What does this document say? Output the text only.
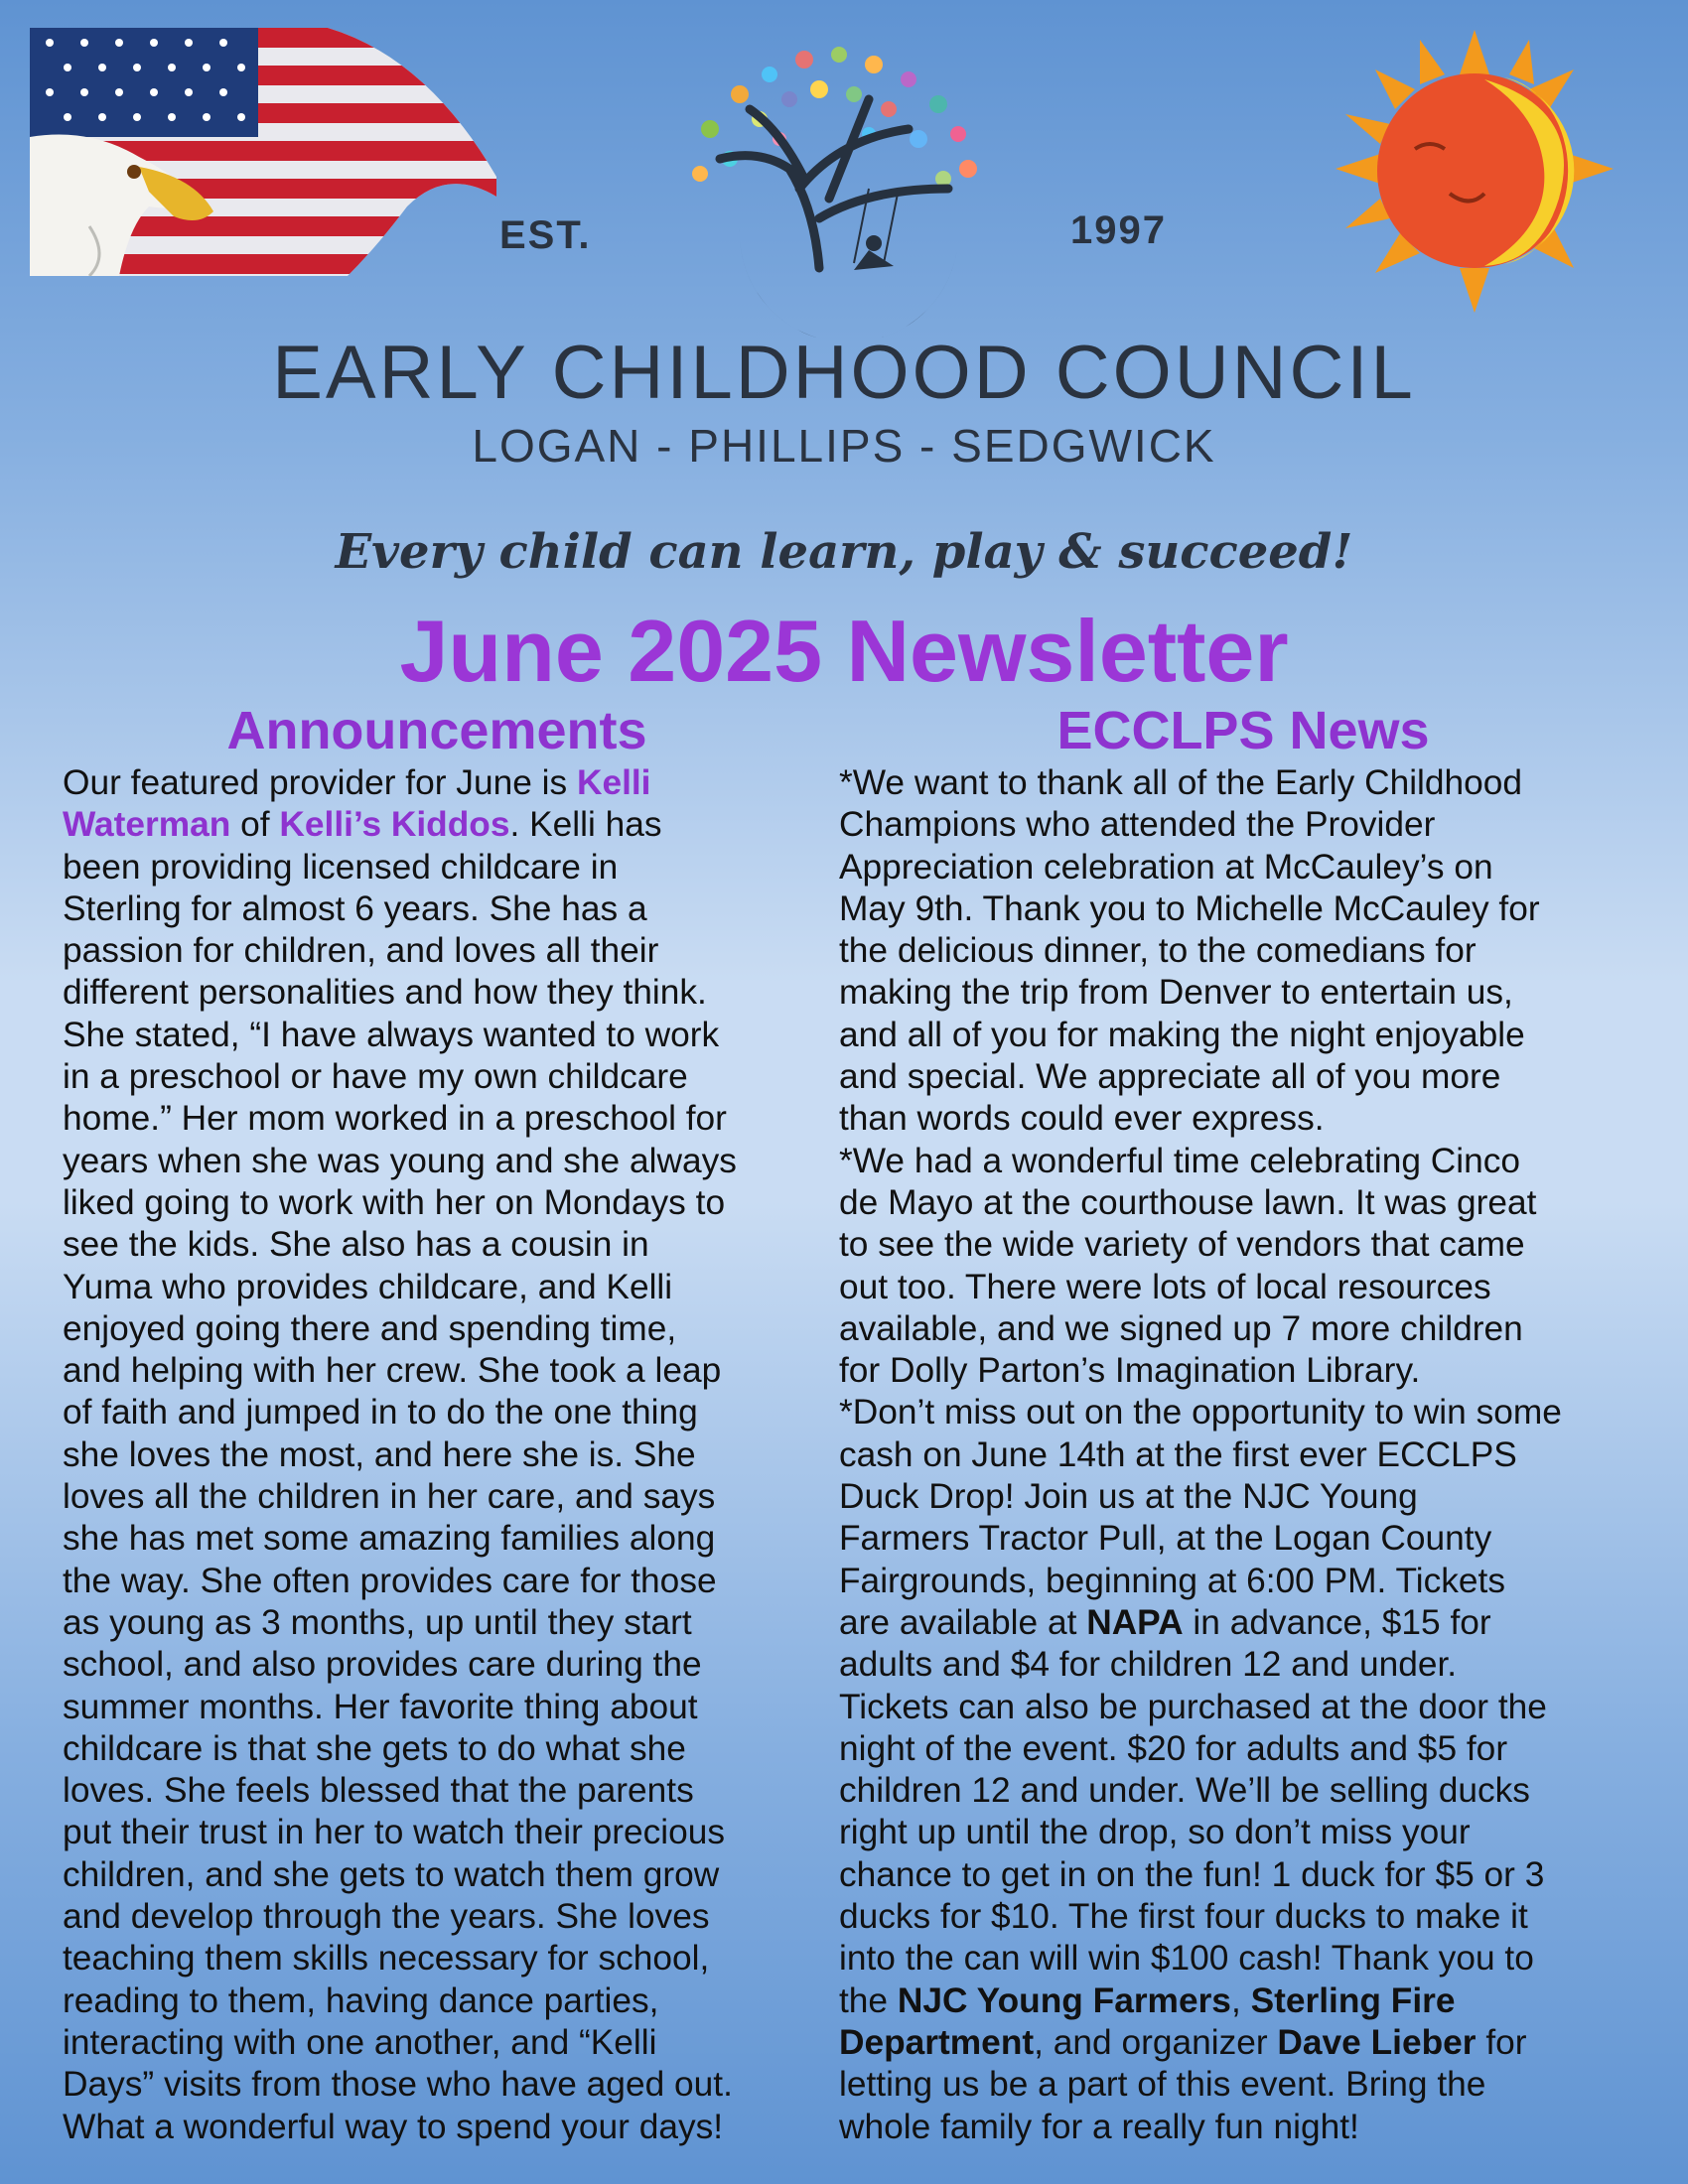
EST.	1997
EARLY CHILDHOOD COUNCIL
LOGAN - PHILLIPS - SEDGWICK
Every child can learn, play & succeed!
June 2025 Newsletter
Announcements	ECCLPS News
Our featured provider for June is Kelli
Waterman of Kelli’s Kiddos. Kelli has
been providing licensed childcare in
Sterling for almost 6 years. She has a
passion for children, and loves all their
different personalities and how they think.
She stated, “I have always wanted to work
in a preschool or have my own childcare
home.” Her mom worked in a preschool for
years when she was young and she always
liked going to work with her on Mondays to
see the kids. She also has a cousin in
Yuma who provides childcare, and Kelli
enjoyed going there and spending time,
and helping with her crew. She took a leap
of faith and jumped in to do the one thing
she loves the most, and here she is. She
loves all the children in her care, and says
she has met some amazing families along
the way. She often provides care for those
as young as 3 months, up until they start
school, and also provides care during the
summer months. Her favorite thing about
childcare is that she gets to do what she
loves. She feels blessed that the parents
put their trust in her to watch their precious
children, and she gets to watch them grow
and develop through the years. She loves
teaching them skills necessary for school,
reading to them, having dance parties,
interacting with one another, and “Kelli
Days” visits from those who have aged out.
What a wonderful way to spend your days!
*We want to thank all of the Early Childhood
Champions who attended the Provider
Appreciation celebration at McCauley’s on
May 9th. Thank you to Michelle McCauley for
the delicious dinner, to the comedians for
making the trip from Denver to entertain us,
and all of you for making the night enjoyable
and special. We appreciate all of you more
than words could ever express.
*We had a wonderful time celebrating Cinco
de Mayo at the courthouse lawn. It was great
to see the wide variety of vendors that came
out too. There were lots of local resources
available, and we signed up 7 more children
for Dolly Parton’s Imagination Library.
*Don’t miss out on the opportunity to win some
cash on June 14th at the first ever ECCLPS
Duck Drop! Join us at the NJC Young
Farmers Tractor Pull, at the Logan County
Fairgrounds, beginning at 6:00 PM. Tickets
are available at NAPA in advance, $15 for
adults and $4 for children 12 and under.
Tickets can also be purchased at the door the
night of the event. $20 for adults and $5 for
children 12 and under. We’ll be selling ducks
right up until the drop, so don’t miss your
chance to get in on the fun! 1 duck for $5 or 3
ducks for $10. The first four ducks to make it
into the can will win $100 cash! Thank you to
the NJC Young Farmers, Sterling Fire
Department, and organizer Dave Lieber for
letting us be a part of this event. Bring the
whole family for a really fun night!
